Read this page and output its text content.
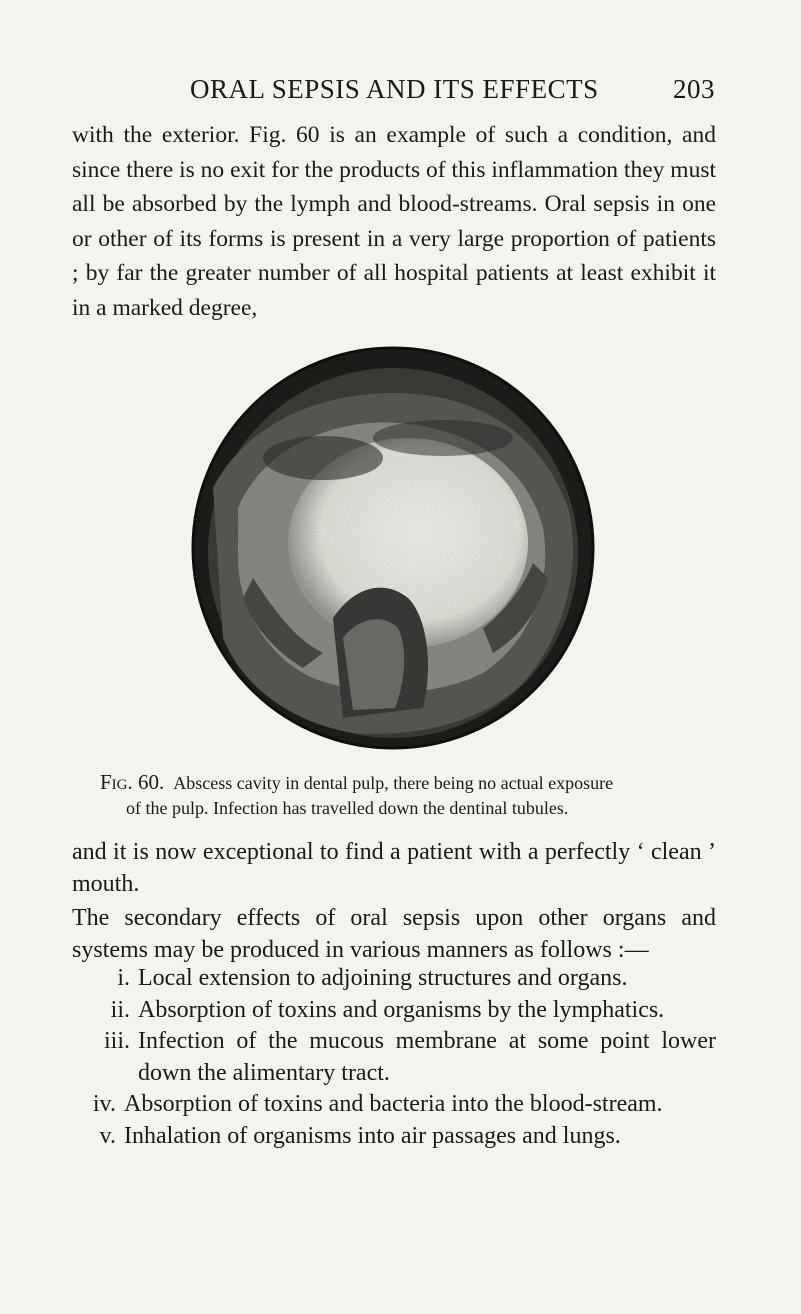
ORAL SEPSIS AND ITS EFFECTS	203

with the exterior. Fig. 60 is an example of such a condition, and since there is no exit for the products of this inflammation they must all be absorbed by the lymph and blood-streams. Oral sepsis in one or other of its forms is present in a very large proportion of patients ; by far the greater number of all hospital patients at least exhibit it in a marked degree,

Fig. 60. Abscess cavity in dental pulp, there being no actual exposure
of the pulp. Infection has travelled down the dentinal tubules.

and it is now exceptional to find a patient with a perfectly ‘ clean ’ mouth.

The secondary effects of oral sepsis upon other organs and systems may be produced in various manners as follows :—

i. Local extension to adjoining structures and organs.
ii. Absorption of toxins and organisms by the lymphatics.
iii. Infection of the mucous membrane at some point lower down the alimentary tract.
iv. Absorption of toxins and bacteria into the blood-stream.
v. Inhalation of organisms into air passages and lungs.
